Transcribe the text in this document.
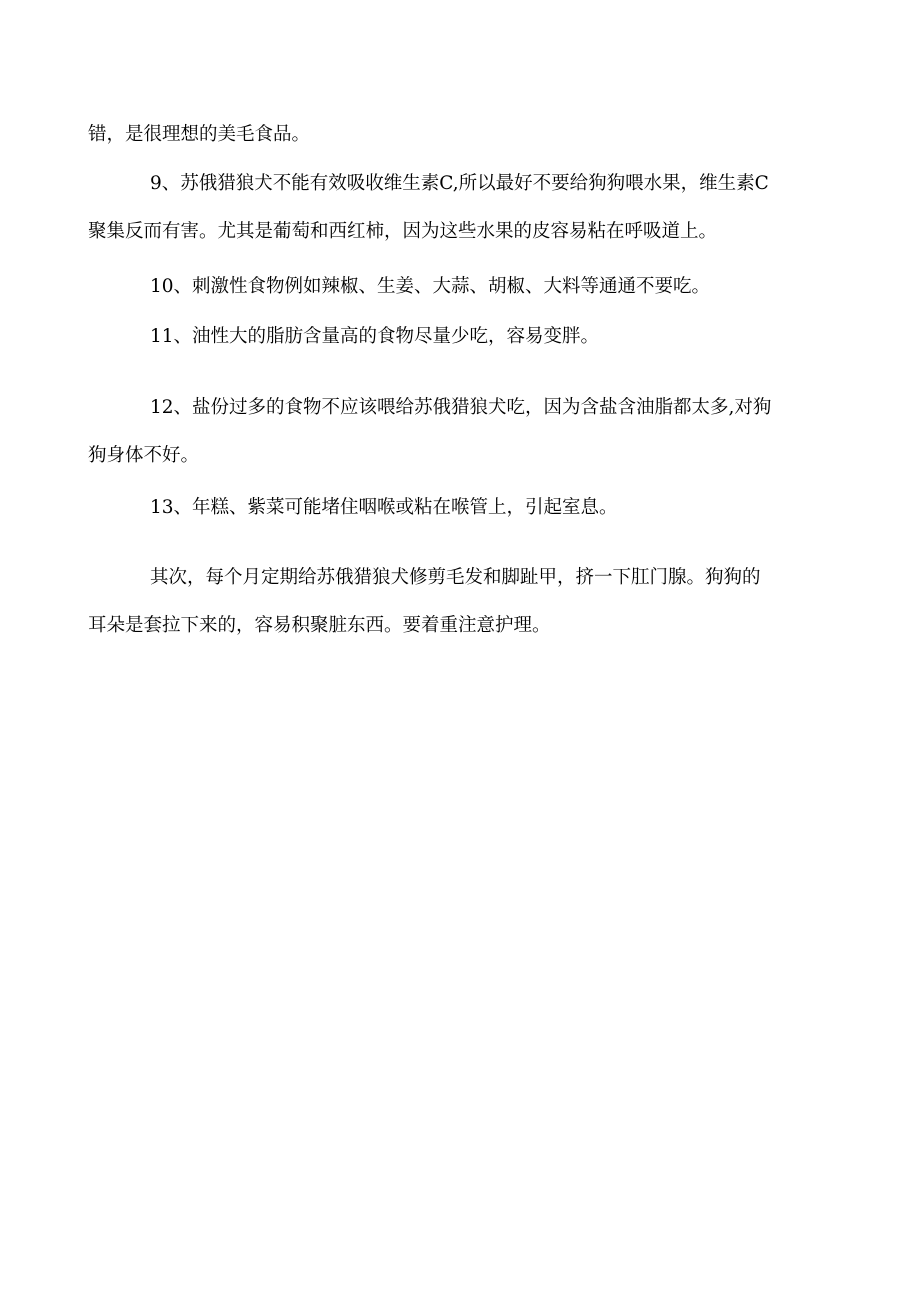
错，是很理想的美毛食品。

9、苏俄猎狼犬不能有效吸收维生素C,所以最好不要给狗狗喂水果，维生素C
聚集反而有害。尤其是葡萄和西红柿，因为这些水果的皮容易粘在呼吸道上。

10、刺激性食物例如辣椒、生姜、大蒜、胡椒、大料等通通不要吃。

11、油性大的脂肪含量高的食物尽量少吃，容易变胖。

12、盐份过多的食物不应该喂给苏俄猎狼犬吃，因为含盐含油脂都太多,对狗
狗身体不好。

13、年糕、紫菜可能堵住咽喉或粘在喉管上，引起室息。

其次，每个月定期给苏俄猎狼犬修剪毛发和脚趾甲，挤一下肛门腺。狗狗的
耳朵是套拉下来的，容易积聚脏东西。要着重注意护理。
